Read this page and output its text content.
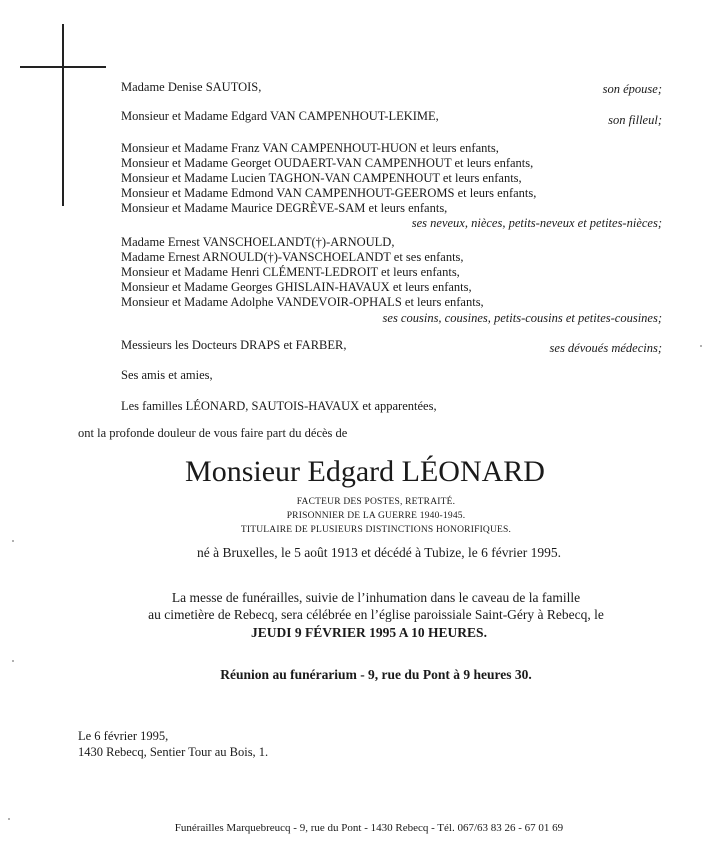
Madame Denise SAUTOIS,	son épouse;
Monsieur et Madame Edgard VAN CAMPENHOUT-LEKIME,	son filleul;
Monsieur et Madame Franz VAN CAMPENHOUT-HUON et leurs enfants,
Monsieur et Madame Georget OUDAERT-VAN CAMPENHOUT et leurs enfants,
Monsieur et Madame Lucien TAGHON-VAN CAMPENHOUT et leurs enfants,
Monsieur et Madame Edmond VAN CAMPENHOUT-GEEROMS et leurs enfants,
Monsieur et Madame Maurice DEGRÈVE-SAM et leurs enfants,
ses neveux, nièces, petits-neveux et petites-nièces;
Madame Ernest VANSCHOELANDT(†)-ARNOULD,
Madame Ernest ARNOULD(†)-VANSCHOELANDT et ses enfants,
Monsieur et Madame Henri CLÉMENT-LEDROIT et leurs enfants,
Monsieur et Madame Georges GHISLAIN-HAVAUX et leurs enfants,
Monsieur et Madame Adolphe VANDEVOIR-OPHALS et leurs enfants,
ses cousins, cousines, petits-cousins et petites-cousines;
Messieurs les Docteurs DRAPS et FARBER,	ses dévoués médecins;
Ses amis et amies,
Les familles LÉONARD, SAUTOIS-HAVAUX et apparentées,
ont la profonde douleur de vous faire part du décès de
Monsieur Edgard LÉONARD
FACTEUR DES POSTES, RETRAITÉ.
PRISONNIER DE LA GUERRE 1940-1945.
TITULAIRE DE PLUSIEURS DISTINCTIONS HONORIFIQUES.
né à Bruxelles, le 5 août 1913 et décédé à Tubize, le 6 février 1995.
La messe de funérailles, suivie de l’inhumation dans le caveau de la famille
au cimetière de Rebecq, sera célébrée en l’église paroissiale Saint-Géry à Rebecq, le
JEUDI 9 FÉVRIER 1995 A 10 HEURES.
Réunion au funérarium - 9, rue du Pont à 9 heures 30.
Le 6 février 1995,
1430 Rebecq, Sentier Tour au Bois, 1.
Funérailles Marquebreucq - 9, rue du Pont - 1430 Rebecq - Tél. 067/63 83 26 - 67 01 69
